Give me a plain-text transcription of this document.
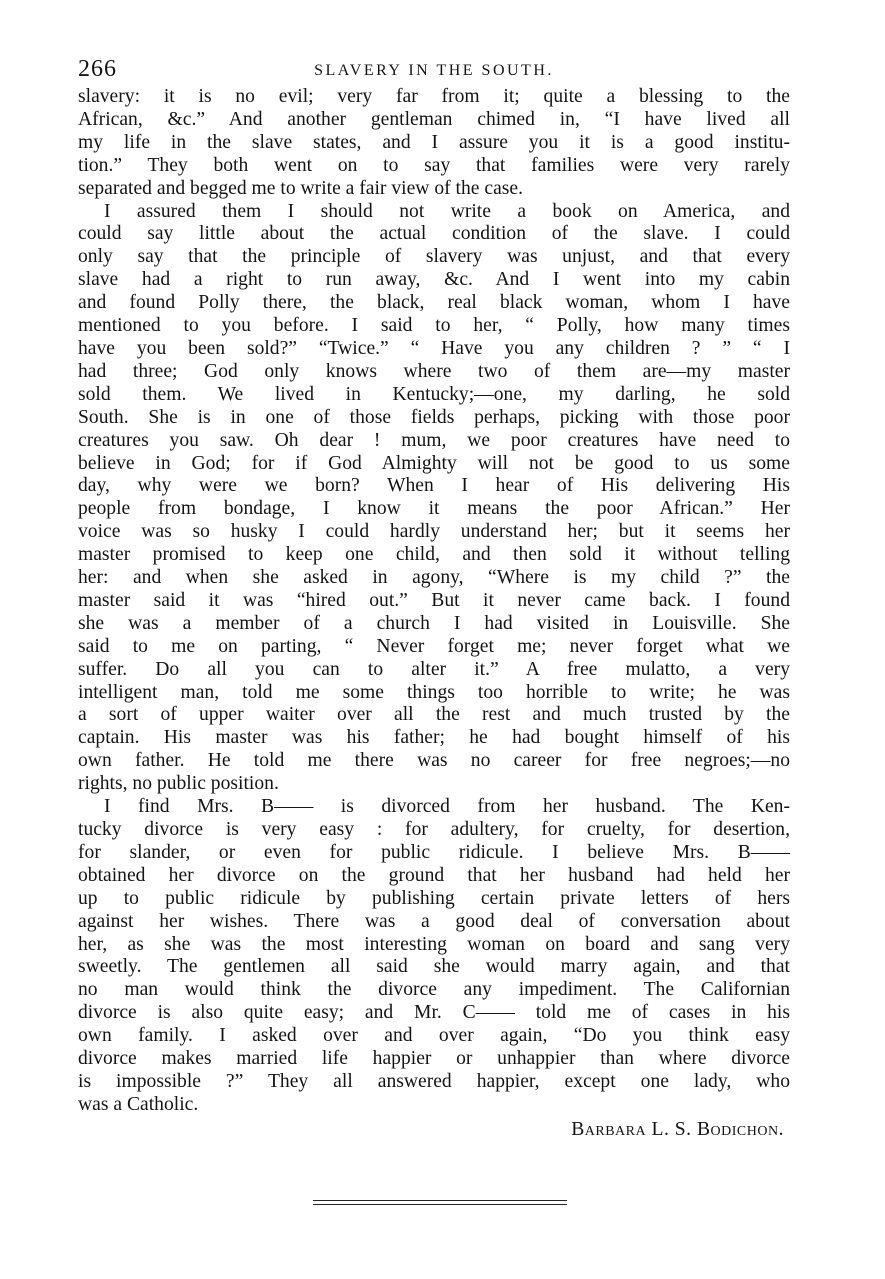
266	SLAVERY IN THE SOUTH.
slavery: it is no evil; very far from it; quite a blessing to the
African, &c.” And another gentleman chimed in, “I have lived all
my life in the slave states, and I assure you it is a good institu-
tion.” They both went on to say that families were very rarely
separated and begged me to write a fair view of the case.
I assured them I should not write a book on America, and
could say little about the actual condition of the slave. I could
only say that the principle of slavery was unjust, and that every
slave had a right to run away, &c. And I went into my cabin
and found Polly there, the black, real black woman, whom I have
mentioned to you before. I said to her, “ Polly, how many times
have you been sold?” “Twice.” “ Have you any children ? ” “ I
had three; God only knows where two of them are—my master
sold them. We lived in Kentucky;—one, my darling, he sold
South. She is in one of those fields perhaps, picking with those poor
creatures you saw. Oh dear ! mum, we poor creatures have need to
believe in God; for if God Almighty will not be good to us some
day, why were we born? When I hear of His delivering His
people from bondage, I know it means the poor African.” Her
voice was so husky I could hardly understand her; but it seems her
master promised to keep one child, and then sold it without telling
her: and when she asked in agony, “Where is my child ?” the
master said it was “hired out.” But it never came back. I found
she was a member of a church I had visited in Louisville. She
said to me on parting, “ Never forget me; never forget what we
suffer. Do all you can to alter it.” A free mulatto, a very
intelligent man, told me some things too horrible to write; he was
a sort of upper waiter over all the rest and much trusted by the
captain. His master was his father; he had bought himself of his
own father. He told me there was no career for free negroes;—no
rights, no public position.
I find Mrs. B—— is divorced from her husband. The Ken-
tucky divorce is very easy : for adultery, for cruelty, for desertion,
for slander, or even for public ridicule. I believe Mrs. B——
obtained her divorce on the ground that her husband had held her
up to public ridicule by publishing certain private letters of hers
against her wishes. There was a good deal of conversation about
her, as she was the most interesting woman on board and sang very
sweetly. The gentlemen all said she would marry again, and that
no man would think the divorce any impediment. The Californian
divorce is also quite easy; and Mr. C—— told me of cases in his
own family. I asked over and over again, “Do you think easy
divorce makes married life happier or unhappier than where divorce
is impossible ?” They all answered happier, except one lady, who
was a Catholic.
Barbara L. S. Bodichon.
